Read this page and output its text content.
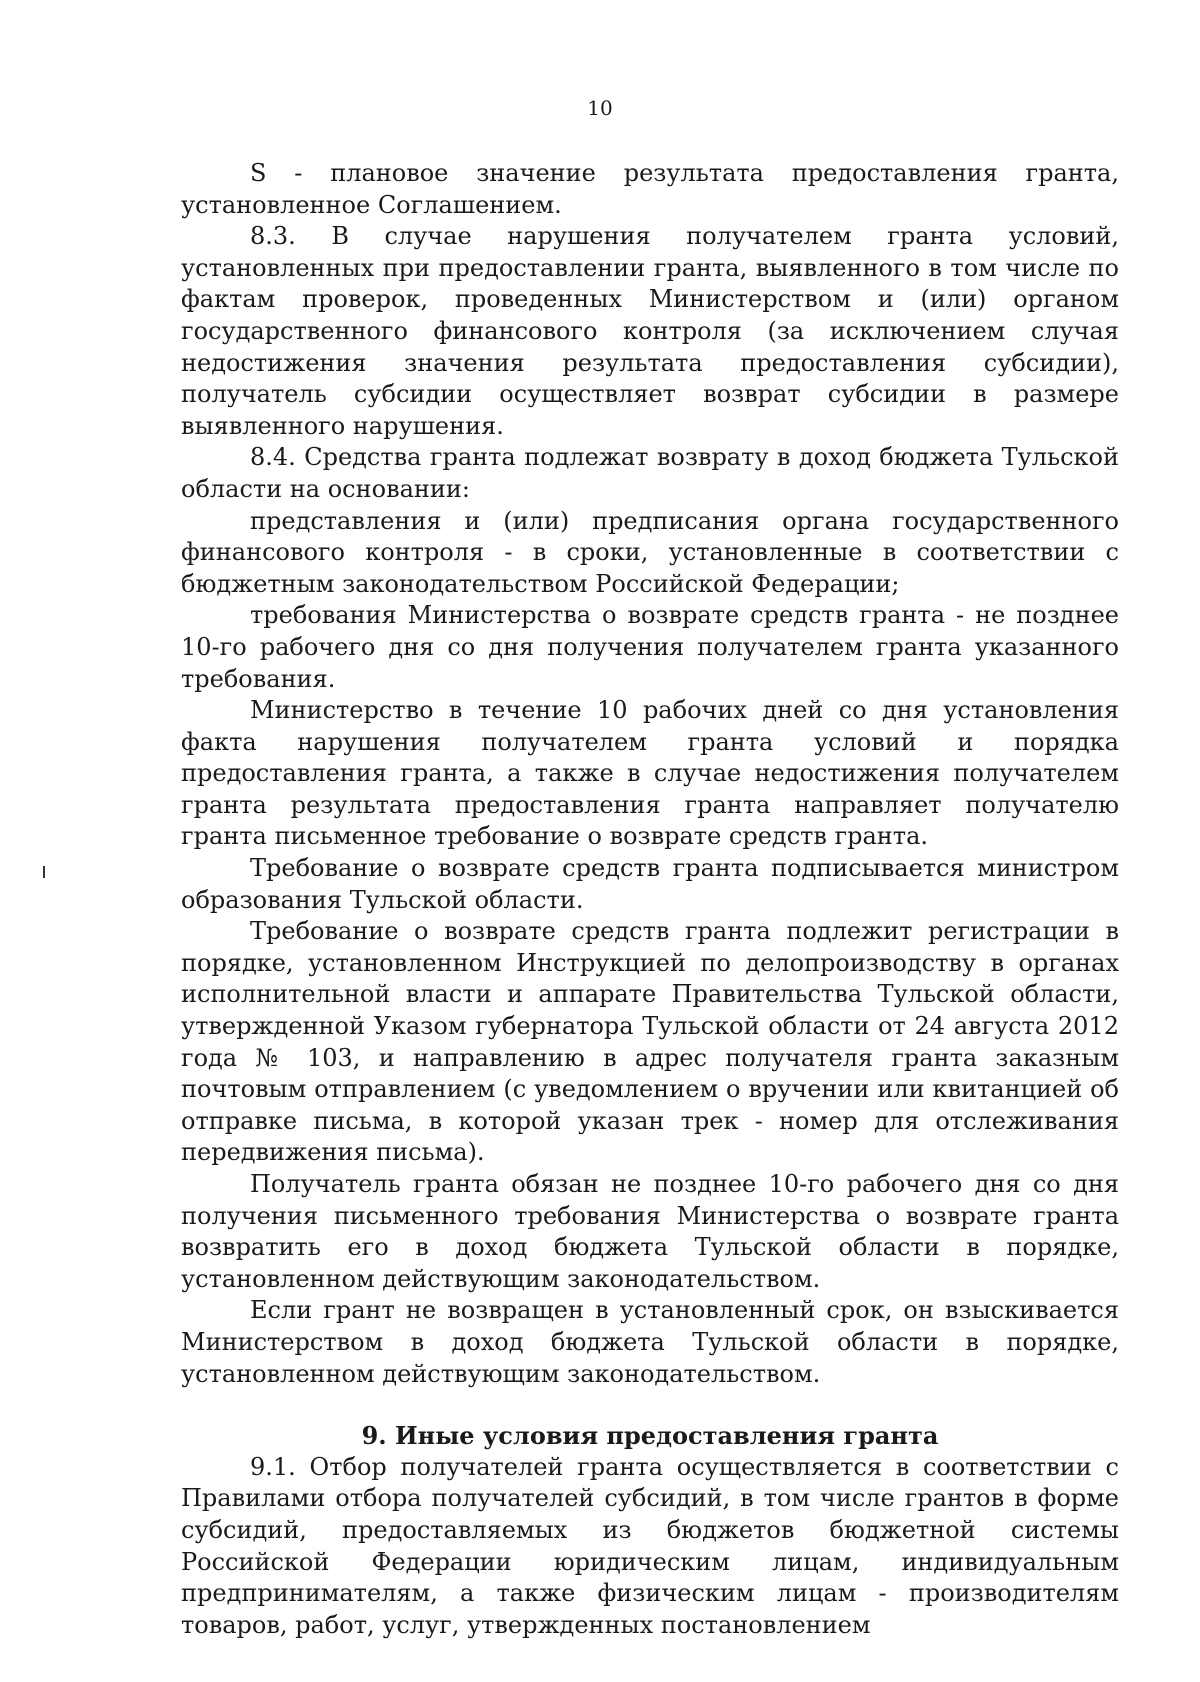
10

S - плановое значение результата предоставления гранта, установленное Соглашением.

8.3. В случае нарушения получателем гранта условий, установленных при предоставлении гранта, выявленного в том числе по фактам проверок, проведенных Министерством и (или) органом государственного финансового контроля (за исключением случая недостижения значения результата предоставления субсидии), получатель субсидии осуществляет возврат субсидии в размере выявленного нарушения.

8.4. Средства гранта подлежат возврату в доход бюджета Тульской области на основании:

представления и (или) предписания органа государственного финансового контроля - в сроки, установленные в соответствии с бюджетным законодательством Российской Федерации;

требования Министерства о возврате средств гранта - не позднее 10-го рабочего дня со дня получения получателем гранта указанного требования.

Министерство в течение 10 рабочих дней со дня установления факта нарушения получателем гранта условий и порядка предоставления гранта, а также в случае недостижения получателем гранта результата предоставления гранта направляет получателю гранта письменное требование о возврате средств гранта.

Требование о возврате средств гранта подписывается министром образования Тульской области.

Требование о возврате средств гранта подлежит регистрации в порядке, установленном Инструкцией по делопроизводству в органах исполнительной власти и аппарате Правительства Тульской области, утвержденной Указом губернатора Тульской области от 24 августа 2012 года № 103, и направлению в адрес получателя гранта заказным почтовым отправлением (с уведомлением о вручении или квитанцией об отправке письма, в которой указан трек - номер для отслеживания передвижения письма).

Получатель гранта обязан не позднее 10-го рабочего дня со дня получения письменного требования Министерства о возврате гранта возвратить его в доход бюджета Тульской области в порядке, установленном действующим законодательством.

Если грант не возвращен в установленный срок, он взыскивается Министерством в доход бюджета Тульской области в порядке, установленном действующим законодательством.

9. Иные условия предоставления гранта

9.1. Отбор получателей гранта осуществляется в соответствии с Правилами отбора получателей субсидий, в том числе грантов в форме субсидий, предоставляемых из бюджетов бюджетной системы Российской Федерации юридическим лицам, индивидуальным предпринимателям, а также физическим лицам - производителям товаров, работ, услуг, утвержденных постановлением
